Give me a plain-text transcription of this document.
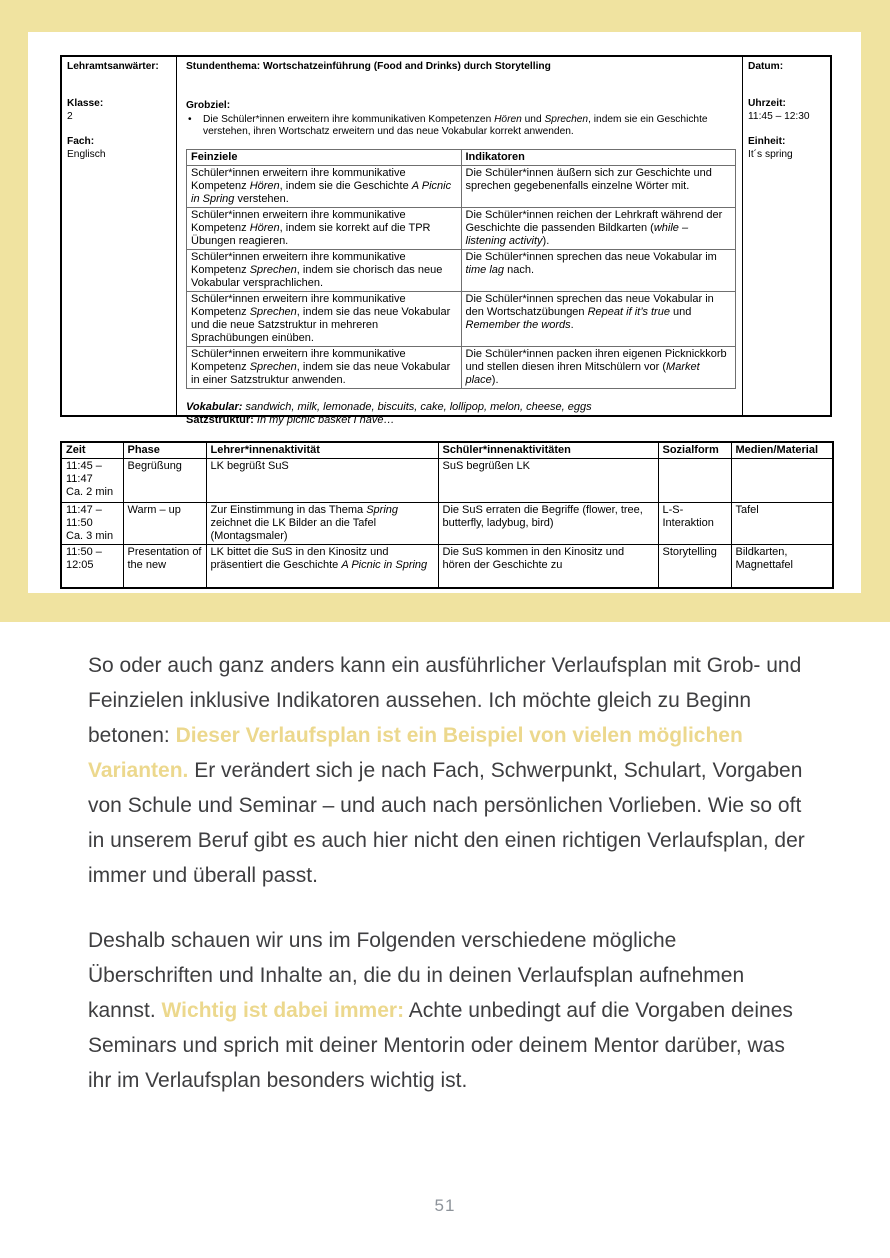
Lehramtsanwärter:
Klasse:
2
Fach:
Englisch
Stundenthema: Wortschatzeinführung (Food and Drinks) durch Storytelling
Grobziel:
•	Die Schüler*innen erweitern ihre kommunikativen Kompetenzen Hören und Sprechen, indem sie ein Geschichte verstehen, ihren Wortschatz erweitern und das neue Vokabular korrekt anwenden.
Feinziele	Indikatoren
Schüler*innen erweitern ihre kommunikative Kompetenz Hören, indem sie die Geschichte A Picnic in Spring verstehen.	Die Schüler*innen äußern sich zur Geschichte und sprechen gegebenenfalls einzelne Wörter mit.
Schüler*innen erweitern ihre kommunikative Kompetenz Hören, indem sie korrekt auf die TPR Übungen reagieren.	Die Schüler*innen reichen der Lehrkraft während der Geschichte die passenden Bildkarten (while – listening activity).
Schüler*innen erweitern ihre kommunikative Kompetenz Sprechen, indem sie chorisch das neue Vokabular versprachlichen.	Die Schüler*innen sprechen das neue Vokabular im time lag nach.
Schüler*innen erweitern ihre kommunikative Kompetenz Sprechen, indem sie das neue Vokabular und die neue Satzstruktur in mehreren Sprachübungen einüben.	Die Schüler*innen sprechen das neue Vokabular in den Wortschatzübungen Repeat if it’s true und Remember the words.
Schüler*innen erweitern ihre kommunikative Kompetenz Sprechen, indem sie das neue Vokabular in einer Satzstruktur anwenden.	Die Schüler*innen packen ihren eigenen Picknickkorb und stellen diesen ihren Mitschülern vor (Market place).
Vokabular: sandwich, milk, lemonade, biscuits, cake, lollipop, melon, cheese, eggs
Satzstruktur: In my picnic basket I have…
Datum:
Uhrzeit:
11:45 – 12:30
Einheit:
It´s spring
Zeit	Phase	Lehrer*innenaktivität	Schüler*innenaktivitäten	Sozialform	Medien/Material
11:45 –
11:47
Ca. 2 min	Begrüßung	LK begrüßt SuS	SuS begrüßen LK		
11:47 –
11:50
Ca. 3 min	Warm – up	Zur Einstimmung in das Thema Spring zeichnet die LK Bilder an die Tafel (Montagsmaler)	Die SuS erraten die Begriffe (flower, tree, butterfly, ladybug, bird)	L-S-Interaktion	Tafel
11:50 –
12:05	Presentation of the new	LK bittet die SuS in den Kinositz und präsentiert die Geschichte A Picnic in Spring	Die SuS kommen in den Kinositz und hören der Geschichte zu	Storytelling	Bildkarten, Magnettafel

So oder auch ganz anders kann ein ausführlicher Verlaufsplan mit Grob- und Feinzielen inklusive Indikatoren aussehen. Ich möchte gleich zu Beginn betonen: Dieser Verlaufsplan ist ein Beispiel von vielen möglichen Varianten. Er verändert sich je nach Fach, Schwerpunkt, Schulart, Vorgaben von Schule und Seminar – und auch nach persönlichen Vorlieben. Wie so oft in unserem Beruf gibt es auch hier nicht den einen richtigen Verlaufsplan, der immer und überall passt.

Deshalb schauen wir uns im Folgenden verschiedene mögliche Überschriften und Inhalte an, die du in deinen Verlaufsplan aufnehmen kannst. Wichtig ist dabei immer: Achte unbedingt auf die Vorgaben deines Seminars und sprich mit deiner Mentorin oder deinem Mentor darüber, was ihr im Verlaufsplan besonders wichtig ist.

51
